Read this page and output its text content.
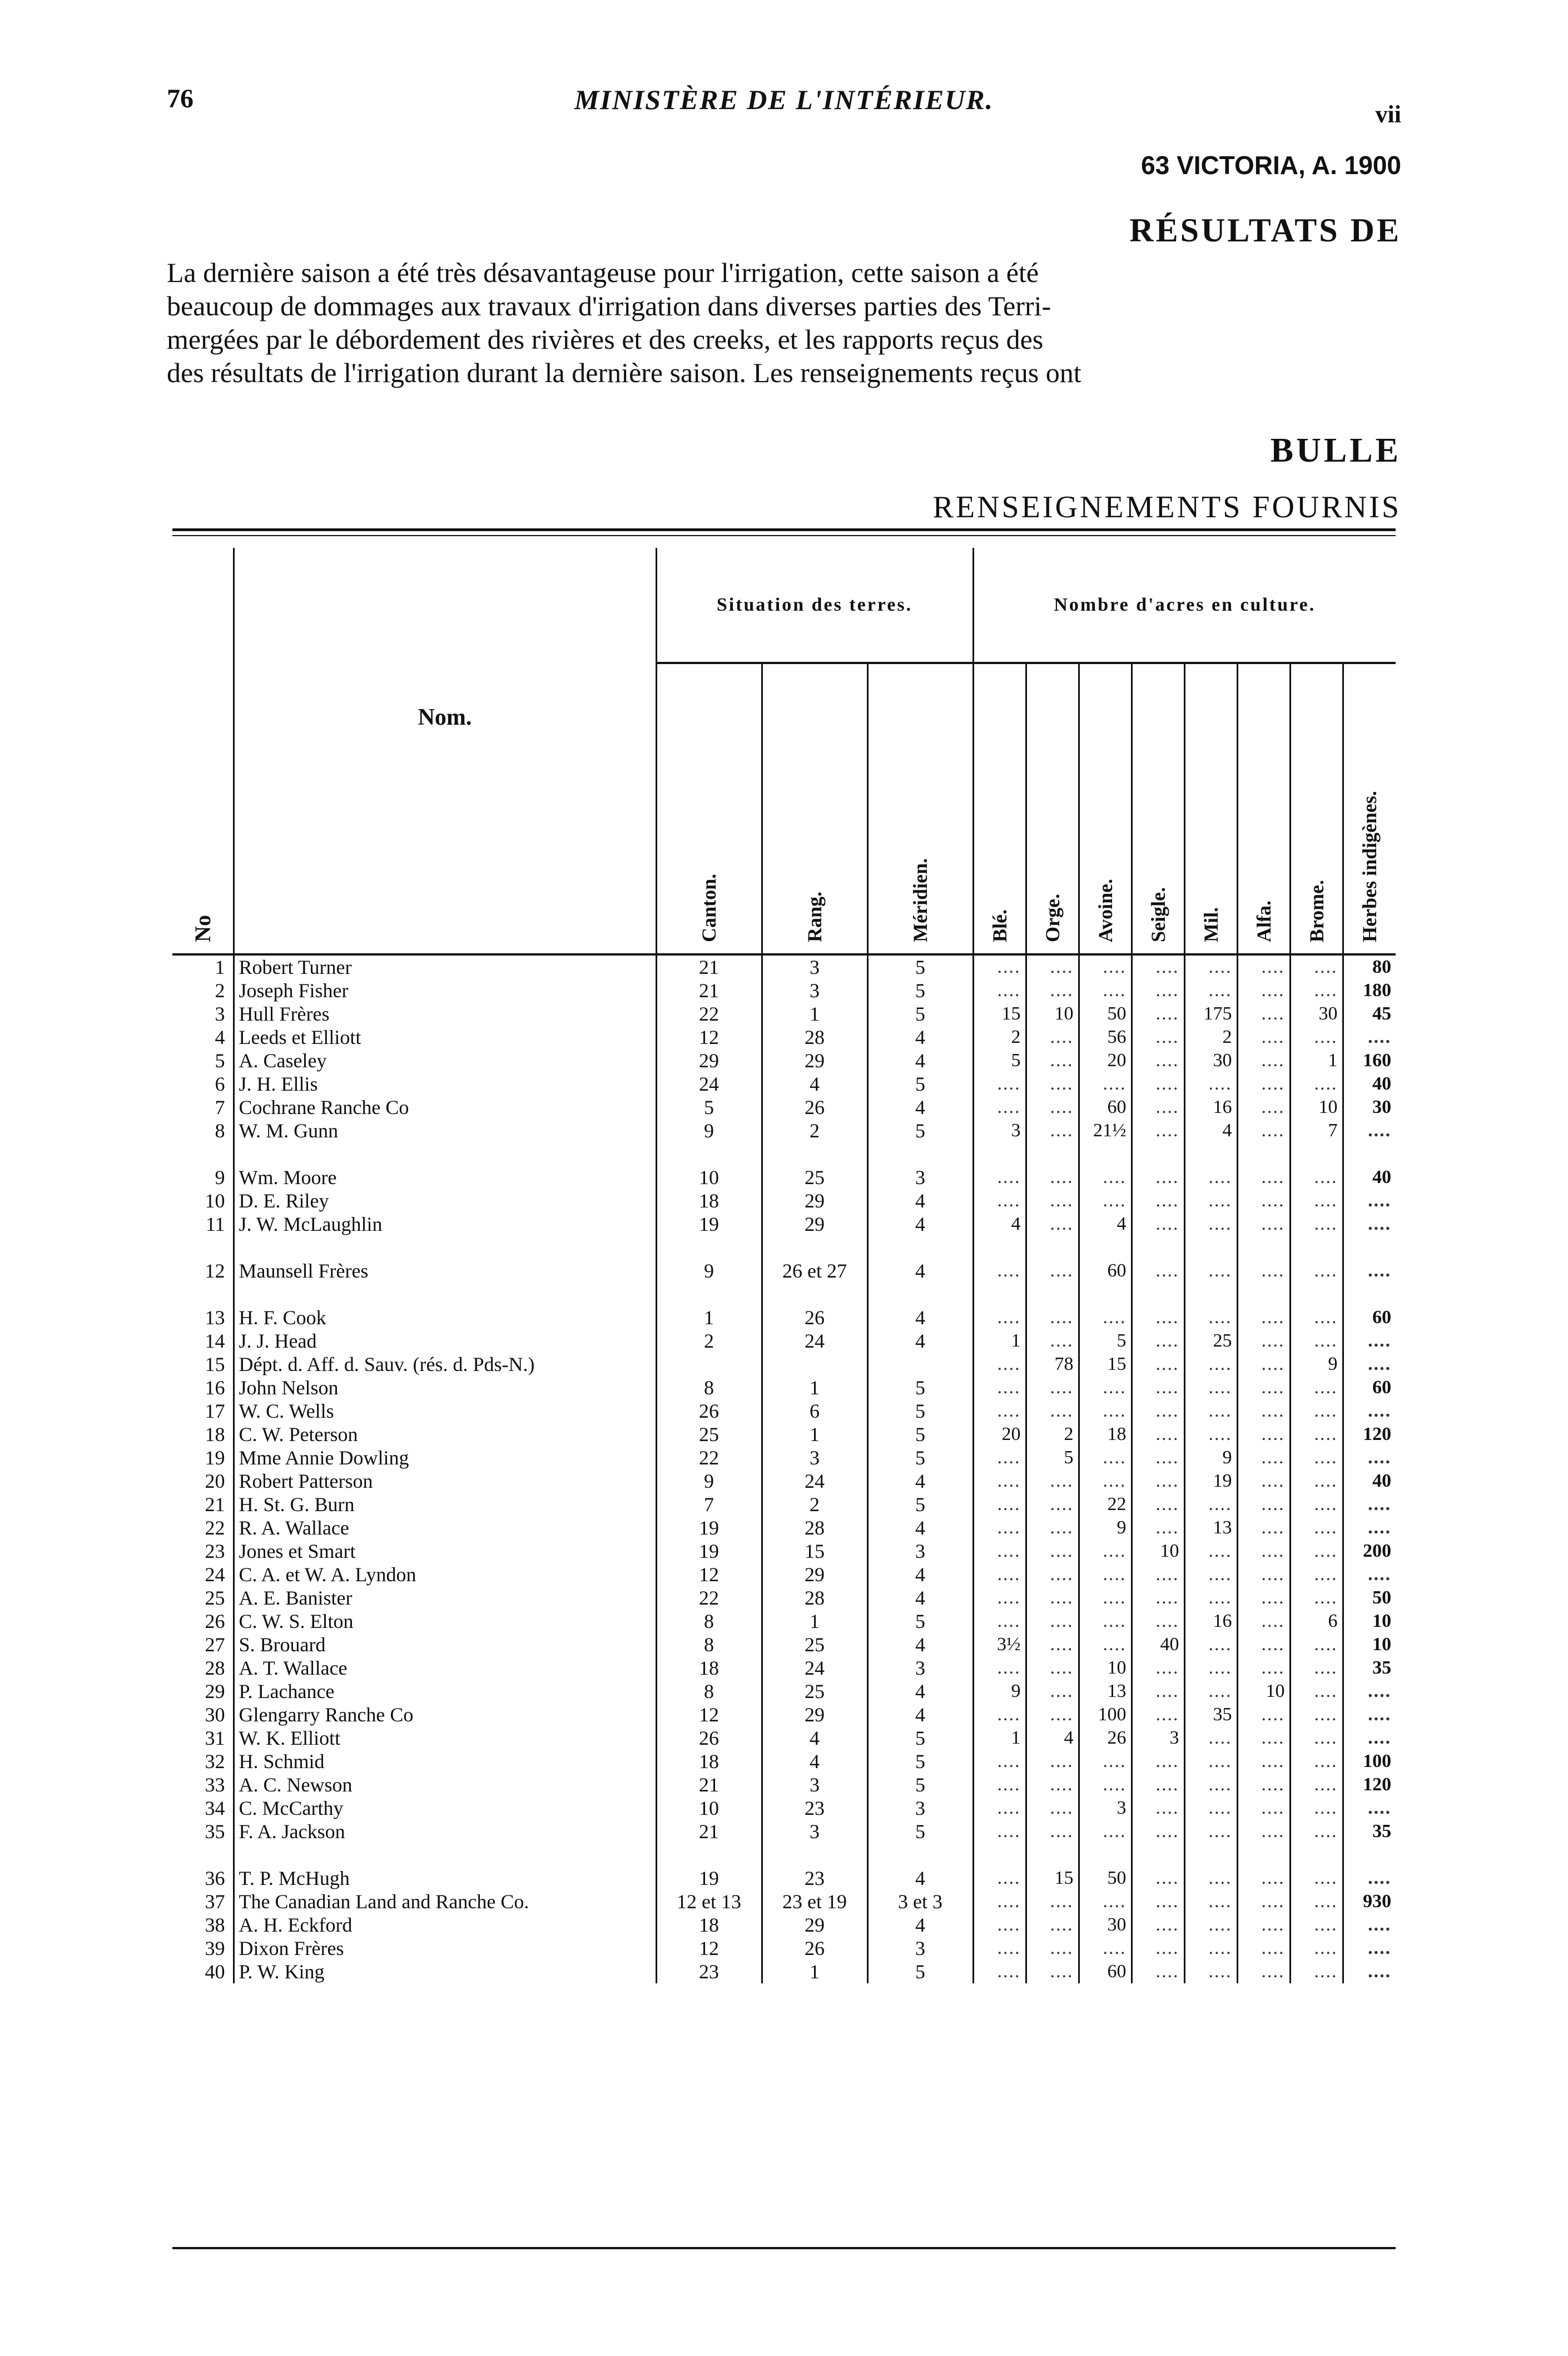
76	MINISTÈRE DE L'INTÉRIEUR.	vii
63 VICTORIA, A. 1900
RÉSULTATS DE

La dernière saison a été très désavantageuse pour l'irrigation, cette saison a été

beaucoup de dommages aux travaux d'irrigation dans diverses parties des Terri-

mergées par le débordement des rivières et des creeks, et les rapports reçus des

des résultats de l'irrigation durant la dernière saison. Les renseignements reçus ont

BULLE
RENSEIGNEMENTS FOURNIS
No	Nom.	Situation des terres.			Nombre d'acres en culture.							

		Canton.	Rang.	Méridien.	Blé.	Orge.	Avoine.	Seigle.	Mil.	Alfa.	Brome.	Herbes indigènes.

1	Robert Turner	21	3	5	....	....	....	....	....	....	....	80
2	Joseph Fisher	21	3	5	....	....	....	....	....	....	....	180
3	Hull Frères	22	1	5	15	10	50	....	175	....	30	45
4	Leeds et Elliott	12	28	4	2	....	56	....	2	....	....	....
5	A. Caseley	29	29	4	5	....	20	....	30	....	1	160
6	J. H. Ellis	24	4	5	....	....	....	....	....	....	....	40
7	Cochrane Ranche Co	5	26	4	....	....	60	....	16	....	10	30
8	W. M. Gunn	9	2	5	3	....	21½	....	4	....	7	....

9	Wm. Moore	10	25	3	....	....	....	....	....	....	....	40
10	D. E. Riley	18	29	4	....	....	....	....	....	....	....	....
11	J. W. McLaughlin	19	29	4	4	....	4	....	....	....	....	....

12	Maunsell Frères	9	26 et 27	4	....	....	60	....	....	....	....	....

13	H. F. Cook	1	26	4	....	....	....	....	....	....	....	60
14	J. J. Head	2	24	4	1	....	5	....	25	....	....	....
15	Dépt. d. Aff. d. Sauv. (rés. d. Pds-N.)				....	78	15	....	....	....	9	....
16	John Nelson	8	1	5	....	....	....	....	....	....	....	60
17	W. C. Wells	26	6	5	....	....	....	....	....	....	....	....
18	C. W. Peterson	25	1	5	20	2	18	....	....	....	....	120
19	Mme Annie Dowling	22	3	5	....	5	....	....	9	....	....	....
20	Robert Patterson	9	24	4	....	....	....	....	19	....	....	40
21	H. St. G. Burn	7	2	5	....	....	22	....	....	....	....	....
22	R. A. Wallace	19	28	4	....	....	9	....	13	....	....	....
23	Jones et Smart	19	15	3	....	....	....	10	....	....	....	200
24	C. A. et W. A. Lyndon	12	29	4	....	....	....	....	....	....	....	....
25	A. E. Banister	22	28	4	....	....	....	....	....	....	....	50
26	C. W. S. Elton	8	1	5	....	....	....	....	16	....	6	10
27	S. Brouard	8	25	4	3½	....	....	40	....	....	....	10
28	A. T. Wallace	18	24	3	....	....	10	....	....	....	....	35
29	P. Lachance	8	25	4	9	....	13	....	....	10	....	....
30	Glengarry Ranche Co	12	29	4	....	....	100	....	35	....	....	....
31	W. K. Elliott	26	4	5	1	4	26	3	....	....	....	....
32	H. Schmid	18	4	5	....	....	....	....	....	....	....	100
33	A. C. Newson	21	3	5	....	....	....	....	....	....	....	120
34	C. McCarthy	10	23	3	....	....	3	....	....	....	....	....
35	F. A. Jackson	21	3	5	....	....	....	....	....	....	....	35

36	T. P. McHugh	19	23	4	....	15	50	....	....	....	....	....
37	The Canadian Land and Ranche Co.	12 et 13	23 et 19	3 et 3	....	....	....	....	....	....	....	930
38	A. H. Eckford	18	29	4	....	....	30	....	....	....	....	....
39	Dixon Frères	12	26	3	....	....	....	....	....	....	....	....
40	P. W. King	23	1	5	....	....	60	....	....	....	....	....
